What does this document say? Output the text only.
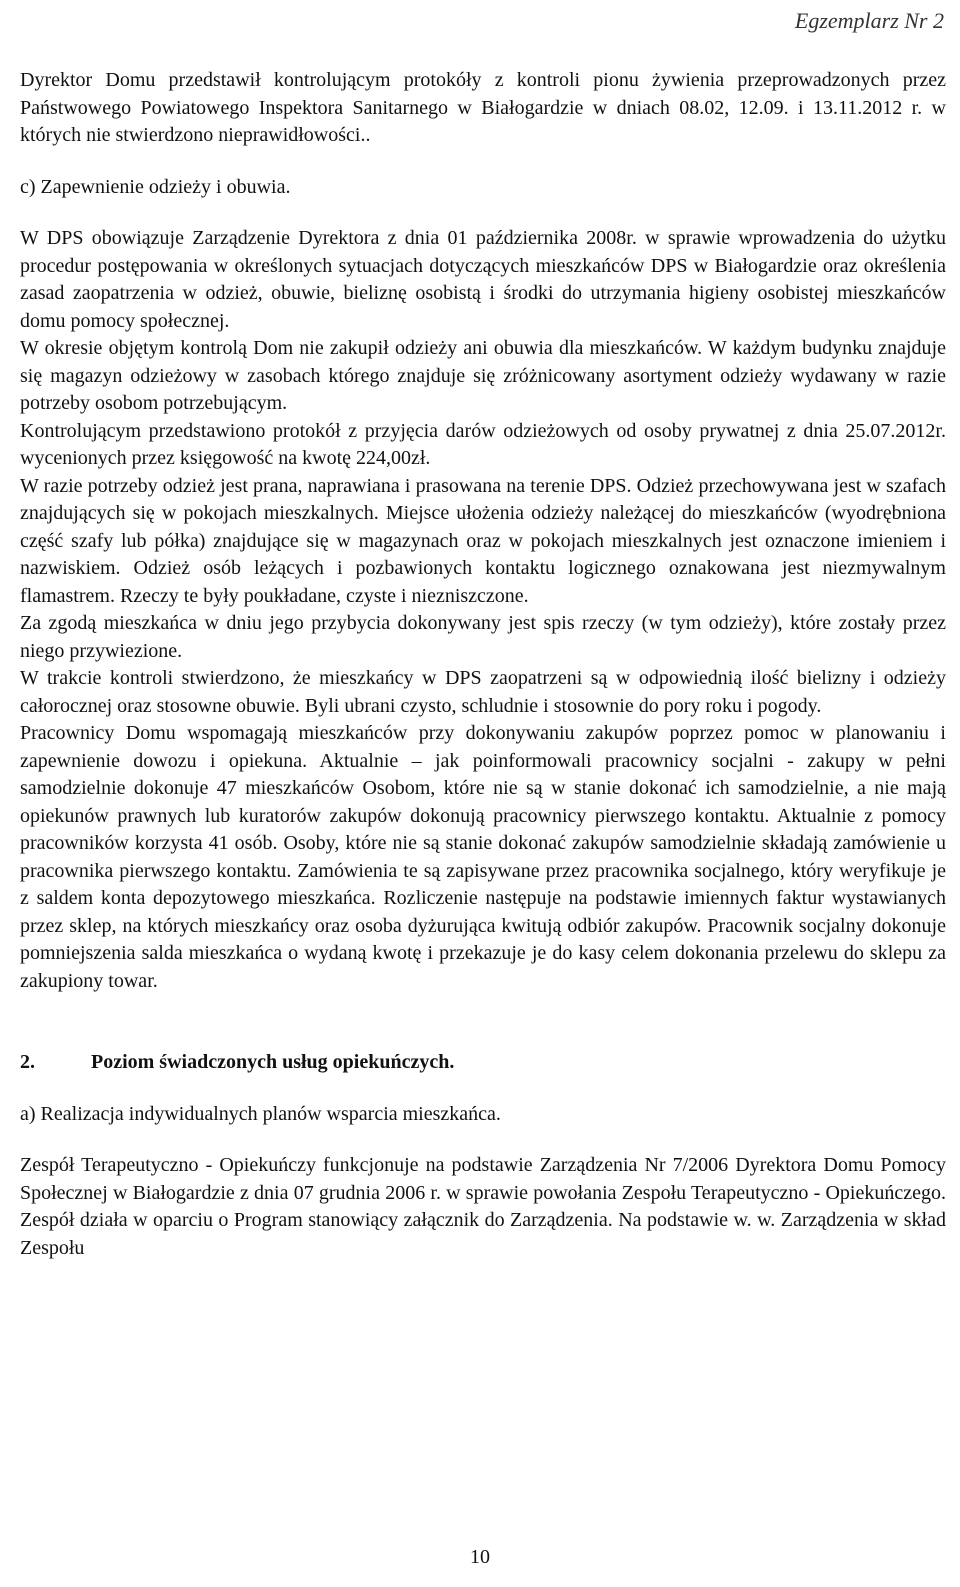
Egzemplarz Nr 2

Dyrektor Domu przedstawił kontrolującym protokóły z kontroli pionu żywienia przeprowadzonych przez Państwowego Powiatowego Inspektora Sanitarnego w Białogardzie w dniach 08.02, 12.09. i 13.11.2012 r. w których nie stwierdzono nieprawidłowości..

c) Zapewnienie odzieży i obuwia.

W DPS obowiązuje Zarządzenie Dyrektora z dnia 01 października 2008r. w sprawie wprowadzenia do użytku procedur postępowania w określonych sytuacjach dotyczących mieszkańców DPS w Białogardzie oraz określenia zasad zaopatrzenia w odzież, obuwie, bieliznę osobistą i środki do utrzymania higieny osobistej mieszkańców domu pomocy społecznej.

W okresie objętym kontrolą Dom nie zakupił odzieży ani obuwia dla mieszkańców. W każdym budynku znajduje się magazyn odzieżowy w zasobach którego znajduje się zróżnicowany asortyment odzieży wydawany w razie potrzeby osobom potrzebującym.

Kontrolującym przedstawiono protokół z przyjęcia darów odzieżowych od osoby prywatnej z dnia 25.07.2012r. wycenionych przez księgowość na kwotę 224,00zł.

W razie potrzeby odzież jest prana, naprawiana i prasowana na terenie DPS. Odzież przechowywana jest w szafach znajdujących się w pokojach mieszkalnych. Miejsce ułożenia odzieży należącej do mieszkańców (wyodrębniona część szafy lub półka) znajdujące się w magazynach oraz w pokojach mieszkalnych jest oznaczone imieniem i nazwiskiem. Odzież osób leżących i pozbawionych kontaktu logicznego oznakowana jest niezmywalnym flamastrem. Rzeczy te były poukładane, czyste i niezniszczone.

Za zgodą mieszkańca w dniu jego przybycia dokonywany jest spis rzeczy (w tym odzieży), które zostały przez niego przywiezione.

W trakcie kontroli stwierdzono, że mieszkańcy w DPS zaopatrzeni są w odpowiednią ilość bielizny i odzieży całorocznej oraz stosowne obuwie. Byli ubrani czysto, schludnie i stosownie do pory roku i pogody.

Pracownicy Domu wspomagają mieszkańców przy dokonywaniu zakupów poprzez pomoc w planowaniu i zapewnienie dowozu i opiekuna. Aktualnie – jak poinformowali pracownicy socjalni - zakupy w pełni samodzielnie dokonuje 47 mieszkańców Osobom, które nie są w stanie dokonać ich samodzielnie, a nie mają opiekunów prawnych lub kuratorów zakupów dokonują pracownicy pierwszego kontaktu. Aktualnie z pomocy pracowników korzysta 41 osób. Osoby, które nie są stanie dokonać zakupów samodzielnie składają zamówienie u pracownika pierwszego kontaktu. Zamówienia te są zapisywane przez pracownika socjalnego, który weryfikuje je z saldem konta depozytowego mieszkańca. Rozliczenie następuje na podstawie imiennych faktur wystawianych przez sklep, na których mieszkańcy oraz osoba dyżurująca kwitują odbiór zakupów. Pracownik socjalny dokonuje pomniejszenia salda mieszkańca o wydaną kwotę i przekazuje je do kasy celem dokonania przelewu do sklepu za zakupiony towar.

2.	Poziom świadczonych usług opiekuńczych.

a) Realizacja indywidualnych planów wsparcia mieszkańca.

Zespół Terapeutyczno - Opiekuńczy funkcjonuje na podstawie Zarządzenia Nr 7/2006 Dyrektora Domu Pomocy Społecznej w Białogardzie z dnia 07 grudnia 2006 r. w sprawie powołania Zespołu Terapeutyczno - Opiekuńczego. Zespół działa w oparciu o Program stanowiący załącznik do Zarządzenia. Na podstawie w. w. Zarządzenia w skład Zespołu

10
